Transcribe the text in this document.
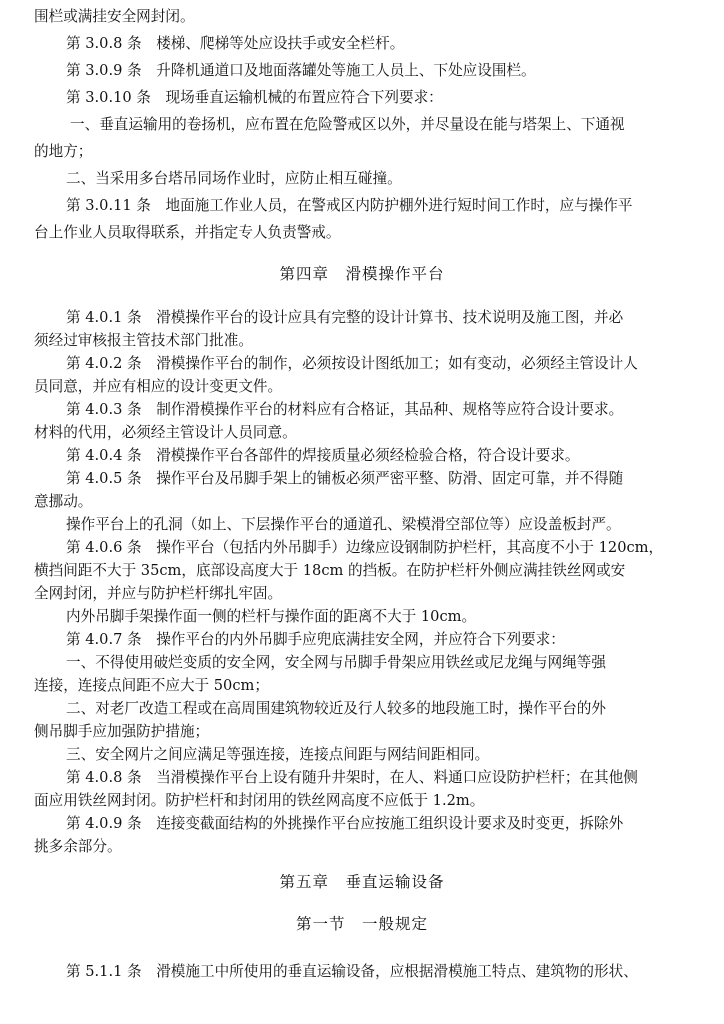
围栏或满挂安全网封闭。
第 3.0.8 条　楼梯、爬梯等处应设扶手或安全栏杆。
第 3.0.9 条　升降机通道口及地面落罐处等施工人员上、下处应设围栏。
第 3.0.10 条　现场垂直运输机械的布置应符合下列要求：
一、垂直运输用的卷扬机，应布置在危险警戒区以外，并尽量设在能与塔架上、下通视
的地方；
二、当采用多台塔吊同场作业时，应防止相互碰撞。
第 3.0.11 条　地面施工作业人员，在警戒区内防护棚外进行短时间工作时，应与操作平
台上作业人员取得联系，并指定专人负责警戒。
第四章　滑模操作平台
第 4.0.1 条　滑模操作平台的设计应具有完整的设计计算书、技术说明及施工图，并必
须经过审核报主管技术部门批准。
第 4.0.2 条　滑模操作平台的制作，必须按设计图纸加工；如有变动，必须经主管设计人
员同意，并应有相应的设计变更文件。
第 4.0.3 条　制作滑模操作平台的材料应有合格证，其品种、规格等应符合设计要求。
材料的代用，必须经主管设计人员同意。
第 4.0.4 条　滑模操作平台各部件的焊接质量必须经检验合格，符合设计要求。
第 4.0.5 条　操作平台及吊脚手架上的铺板必须严密平整、防滑、固定可靠，并不得随
意挪动。
操作平台上的孔洞（如上、下层操作平台的通道孔、梁模滑空部位等）应设盖板封严。
第 4.0.6 条　操作平台（包括内外吊脚手）边缘应设钢制防护栏杆，其高度不小于 120cm，
横挡间距不大于 35cm，底部设高度大于 18cm 的挡板。在防护栏杆外侧应满挂铁丝网或安
全网封闭，并应与防护栏杆绑扎牢固。
内外吊脚手架操作面一侧的栏杆与操作面的距离不大于 10cm。
第 4.0.7 条　操作平台的内外吊脚手应兜底满挂安全网，并应符合下列要求：
一、不得使用破烂变质的安全网，安全网与吊脚手骨架应用铁丝或尼龙绳与网绳等强
连接，连接点间距不应大于 50cm；
二、对老厂改造工程或在高周围建筑物较近及行人较多的地段施工时，操作平台的外
侧吊脚手应加强防护措施；
三、安全网片之间应满足等强连接，连接点间距与网结间距相同。
第 4.0.8 条　当滑模操作平台上设有随升井架时，在人、料通口应设防护栏杆；在其他侧
面应用铁丝网封闭。防护栏杆和封闭用的铁丝网高度不应低于 1.2m。
第 4.0.9 条　连接变截面结构的外挑操作平台应按施工组织设计要求及时变更，拆除外
挑多余部分。
第五章　垂直运输设备
第一节　一般规定
第 5.1.1 条　滑模施工中所使用的垂直运输设备，应根据滑模施工特点、建筑物的形状、
